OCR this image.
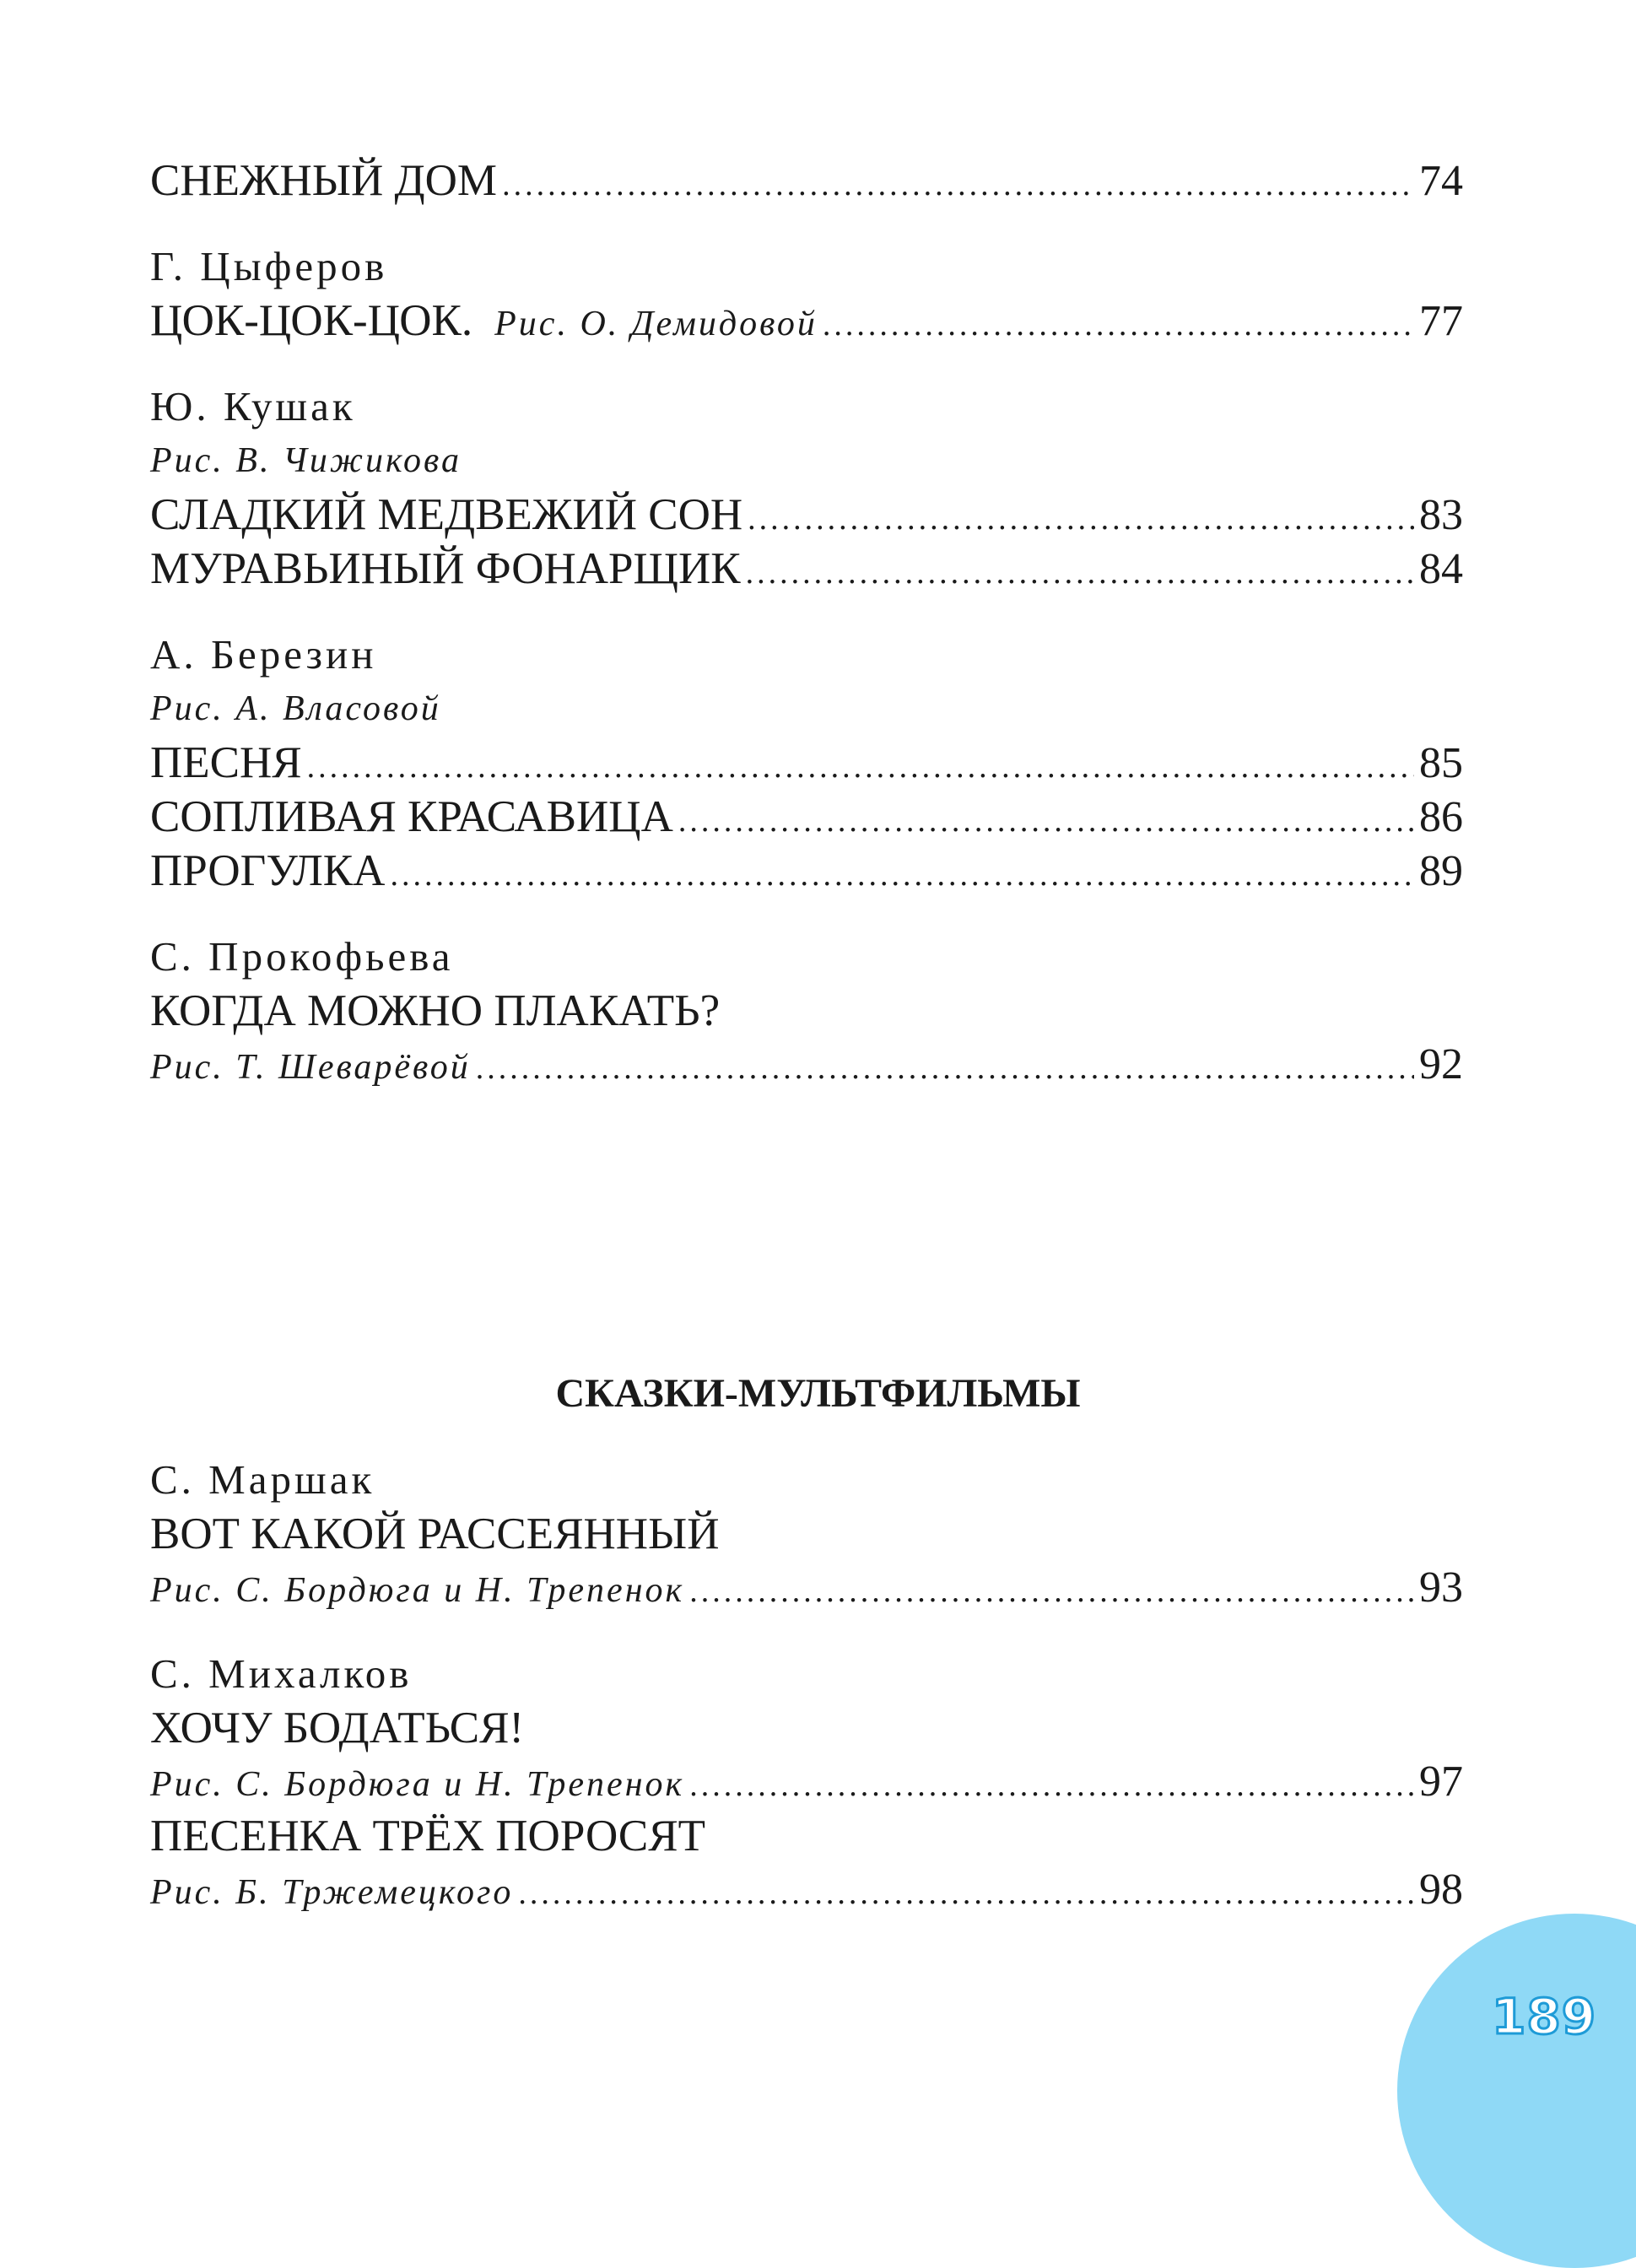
СНЕЖНЫЙ ДОМ .....	74
Г. Цыферов
ЦОК-ЦОК-ЦОК. Рис. О. Демидовой .....	77
Ю. Кушак
Рис. В. Чижикова
СЛАДКИЙ МЕДВЕЖИЙ СОН .....	83
МУРАВЬИНЫЙ ФОНАРЩИК .....	84
А. Березин
Рис. А. Власовой
ПЕСНЯ .....	85
СОПЛИВАЯ КРАСАВИЦА .....	86
ПРОГУЛКА .....	89
С. Прокофьева
КОГДА МОЖНО ПЛАКАТЬ?
Рис. Т. Шеварёвой .....	92
СКАЗКИ-МУЛЬТФИЛЬМЫ
С. Маршак
ВОТ КАКОЙ РАССЕЯННЫЙ
Рис. С. Бордюга и Н. Трепенок .....	93
С. Михалков
ХОЧУ БОДАТЬСЯ!
Рис. С. Бордюга и Н. Трепенок .....	97
ПЕСЕНКА ТРЁХ ПОРОСЯТ
Рис. Б. Тржемецкого .....	98
189
